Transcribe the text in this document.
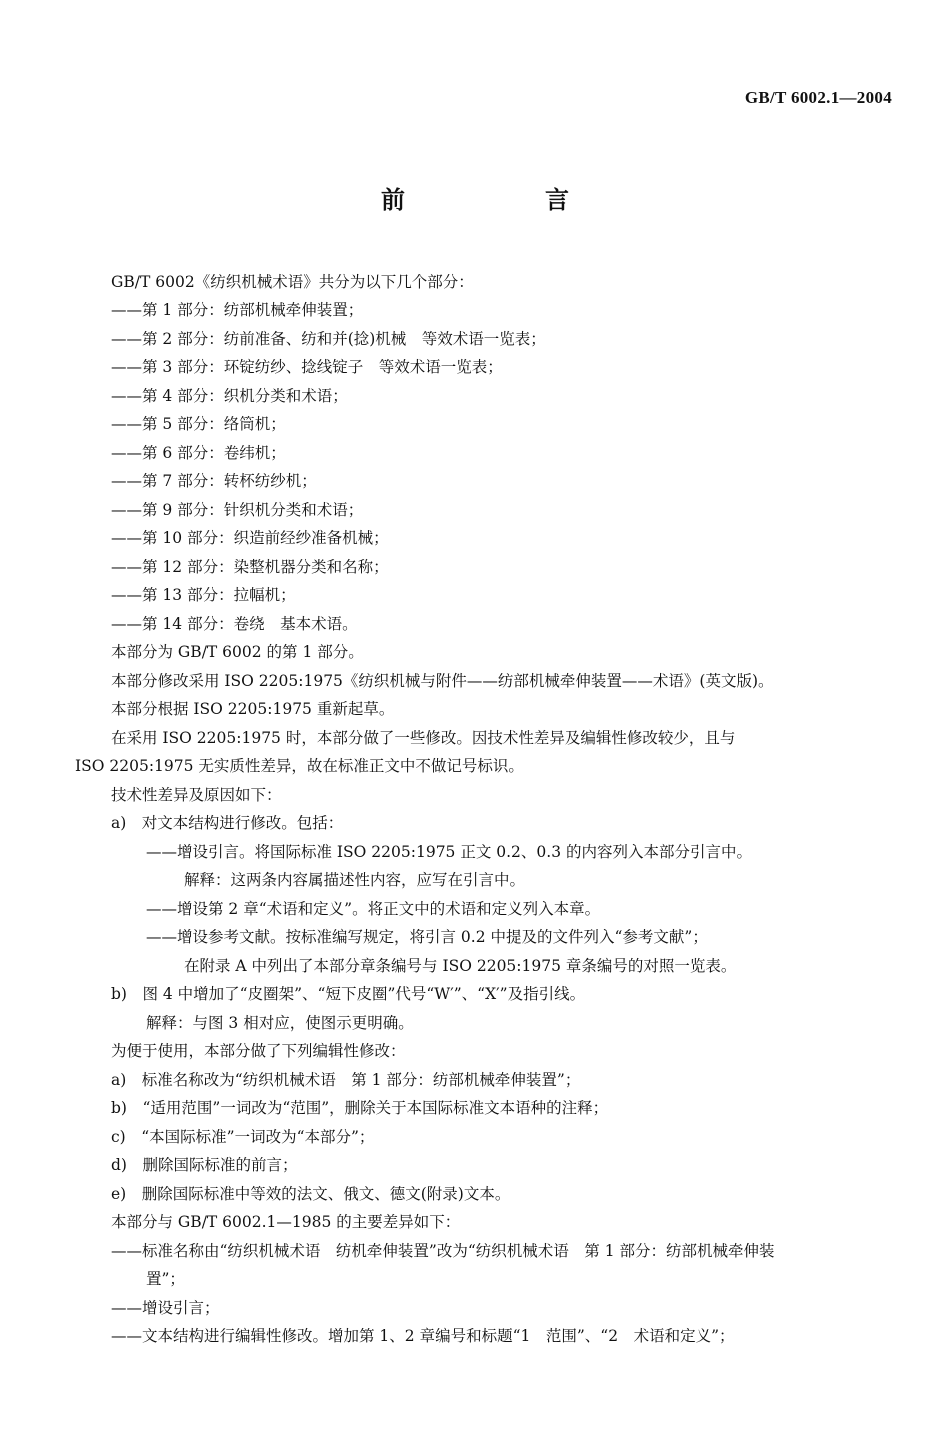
GB/T 6002.1—2004
前　言
GB/T 6002《纺织机械术语》共分为以下几个部分：
——第 1 部分：纺部机械牵伸装置；
——第 2 部分：纺前准备、纺和并(捻)机械　等效术语一览表；
——第 3 部分：环锭纺纱、捻线锭子　等效术语一览表；
——第 4 部分：织机分类和术语；
——第 5 部分：络筒机；
——第 6 部分：卷纬机；
——第 7 部分：转杯纺纱机；
——第 9 部分：针织机分类和术语；
——第 10 部分：织造前经纱准备机械；
——第 12 部分：染整机器分类和名称；
——第 13 部分：拉幅机；
——第 14 部分：卷绕　基本术语。
本部分为 GB/T 6002 的第 1 部分。
本部分修改采用 ISO 2205:1975《纺织机械与附件——纺部机械牵伸装置——术语》(英文版)。
本部分根据 ISO 2205:1975 重新起草。
在采用 ISO 2205:1975 时，本部分做了一些修改。因技术性差异及编辑性修改较少，且与
ISO 2205:1975 无实质性差异，故在标准正文中不做记号标识。
技术性差异及原因如下：
a)　对文本结构进行修改。包括：
——增设引言。将国际标准 ISO 2205:1975 正文 0.2、0.3 的内容列入本部分引言中。
解释：这两条内容属描述性内容，应写在引言中。
——增设第 2 章“术语和定义”。将正文中的术语和定义列入本章。
——增设参考文献。按标准编写规定，将引言 0.2 中提及的文件列入“参考文献”；
在附录 A 中列出了本部分章条编号与 ISO 2205:1975 章条编号的对照一览表。
b)　图 4 中增加了“皮圈架”、“短下皮圈”代号“W′”、“X′”及指引线。
解释：与图 3 相对应，使图示更明确。
为便于使用，本部分做了下列编辑性修改：
a)　标准名称改为“纺织机械术语　第 1 部分：纺部机械牵伸装置”；
b)　“适用范围”一词改为“范围”，删除关于本国际标准文本语种的注释；
c)　“本国际标准”一词改为“本部分”；
d)　删除国际标准的前言；
e)　删除国际标准中等效的法文、俄文、德文(附录)文本。
本部分与 GB/T 6002.1—1985 的主要差异如下：
——标准名称由“纺织机械术语　纺机牵伸装置”改为“纺织机械术语　第 1 部分：纺部机械牵伸装
置”；
——增设引言；
——文本结构进行编辑性修改。增加第 1、2 章编号和标题“1　范围”、“2　术语和定义”；
